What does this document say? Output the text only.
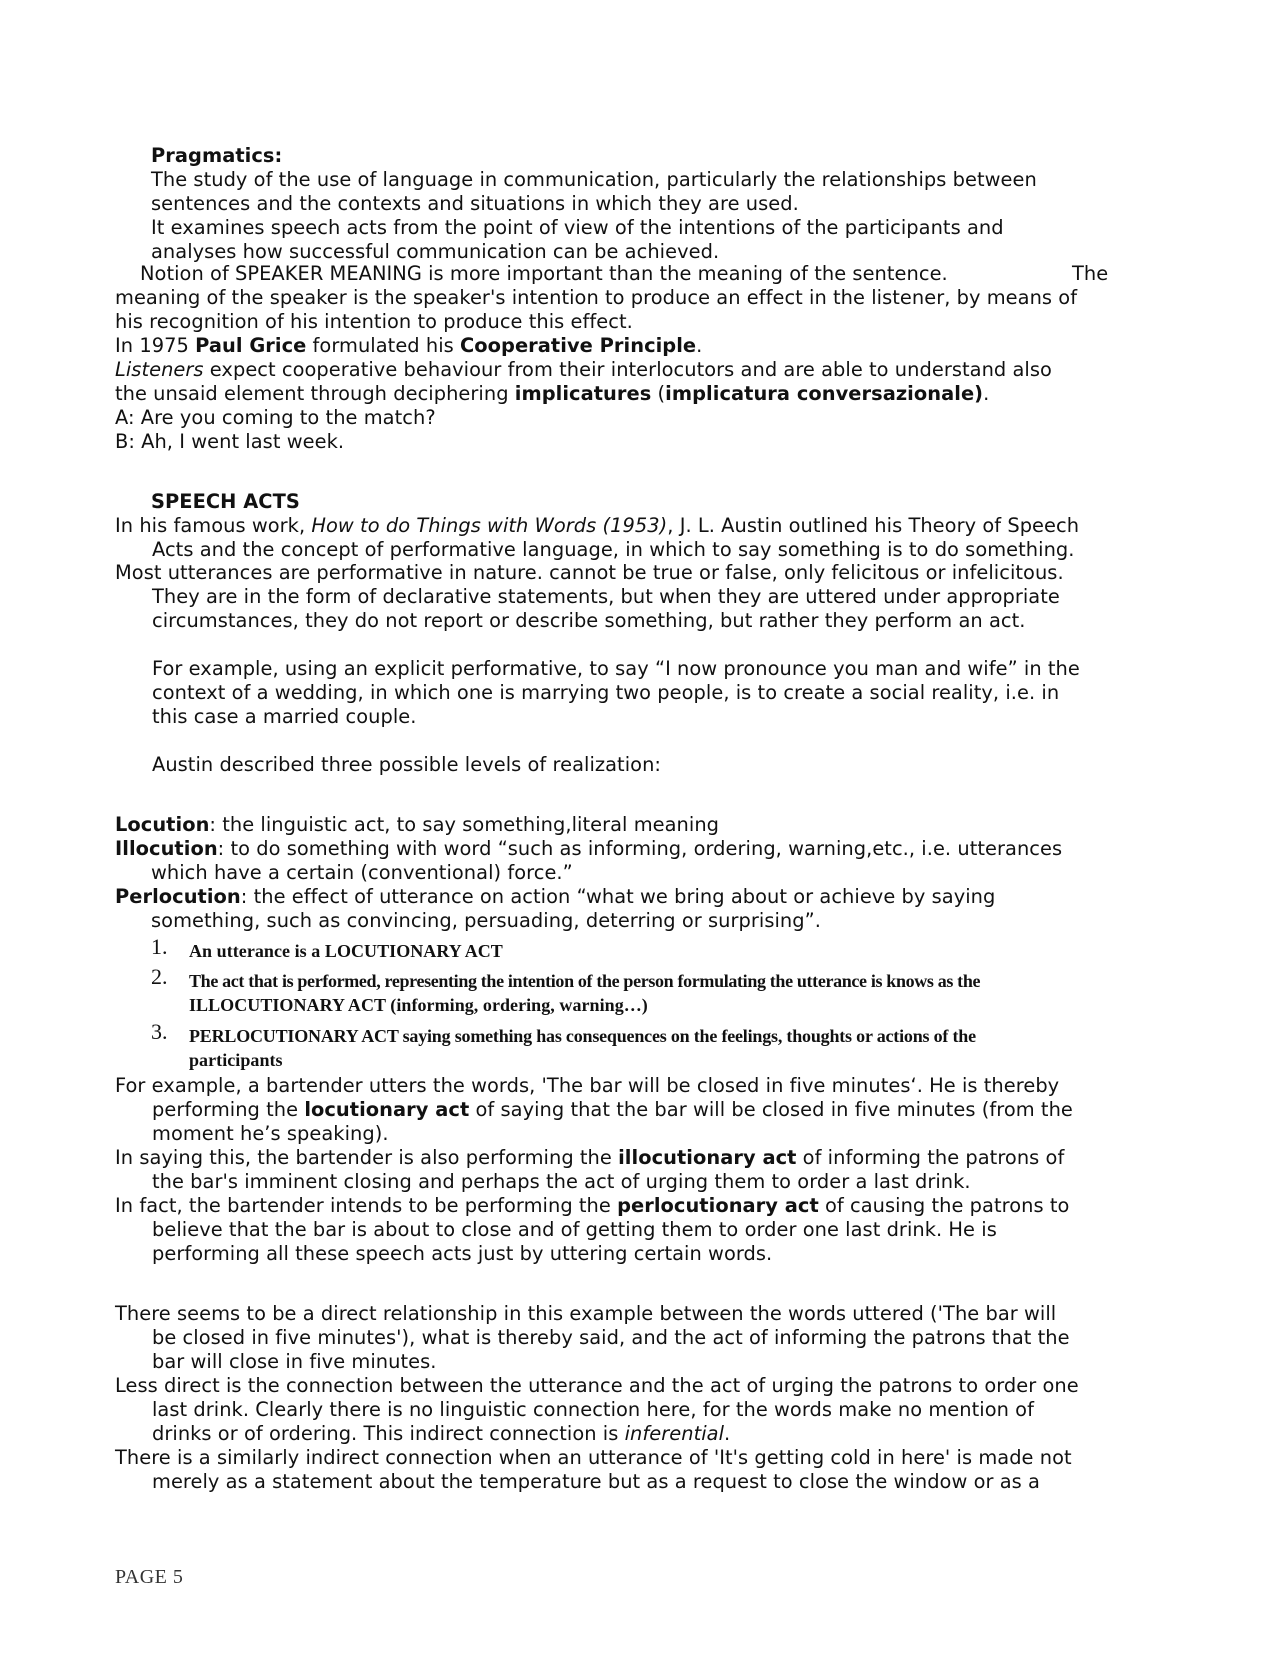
Pragmatics:
The study of the use of language in communication, particularly the relationships between
sentences and the contexts and situations in which they are used.
It examines speech acts from the point of view of the intentions of the participants and
analyses how successful communication can be achieved.
Notion of SPEAKER MEANING is more important than the meaning of the sentence.	The
meaning of the speaker is the speaker's intention to produce an effect in the listener, by means of
his recognition of his intention to produce this effect.
In 1975 Paul Grice formulated his Cooperative Principle.
Listeners expect cooperative behaviour from their interlocutors and are able to understand also
the unsaid element through deciphering implicatures (implicatura conversazionale).
A: Are you coming to the match?
B: Ah, I went last week.
SPEECH ACTS
In his famous work, How to do Things with Words (1953), J. L. Austin outlined his Theory of Speech
Acts and the concept of performative language, in which to say something is to do something.
Most utterances are performative in nature. cannot be true or false, only felicitous or infelicitous.
They are in the form of declarative statements, but when they are uttered under appropriate
circumstances, they do not report or describe something, but rather they perform an act.
For example, using an explicit performative, to say “I now pronounce you man and wife” in the
context of a wedding, in which one is marrying two people, is to create a social reality, i.e. in
this case a married couple.
Austin described three possible levels of realization:
Locution: the linguistic act, to say something,literal meaning
Illocution: to do something with word “such as informing, ordering, warning,etc., i.e. utterances
which have a certain (conventional) force.”
Perlocution: the effect of utterance on action “what we bring about or achieve by saying
something, such as convincing, persuading, deterring or surprising”.
1. An utterance is a LOCUTIONARY ACT
2. The act that is performed, representing the intention of the person formulating the utterance is knows as the
ILLOCUTIONARY ACT (informing, ordering, warning…)
3. PERLOCUTIONARY ACT saying something has consequences on the feelings, thoughts or actions of the
participants
For example, a bartender utters the words, 'The bar will be closed in five minutes‘. He is thereby
performing the locutionary act of saying that the bar will be closed in five minutes (from the
moment he’s speaking).
In saying this, the bartender is also performing the illocutionary act of informing the patrons of
the bar's imminent closing and perhaps the act of urging them to order a last drink.
In fact, the bartender intends to be performing the perlocutionary act of causing the patrons to
believe that the bar is about to close and of getting them to order one last drink. He is
performing all these speech acts just by uttering certain words.
There seems to be a direct relationship in this example between the words uttered ('The bar will
be closed in five minutes'), what is thereby said, and the act of informing the patrons that the
bar will close in five minutes.
Less direct is the connection between the utterance and the act of urging the patrons to order one
last drink. Clearly there is no linguistic connection here, for the words make no mention of
drinks or of ordering. This indirect connection is inferential.
There is a similarly indirect connection when an utterance of 'It's getting cold in here' is made not
merely as a statement about the temperature but as a request to close the window or as a
PAGE 5
